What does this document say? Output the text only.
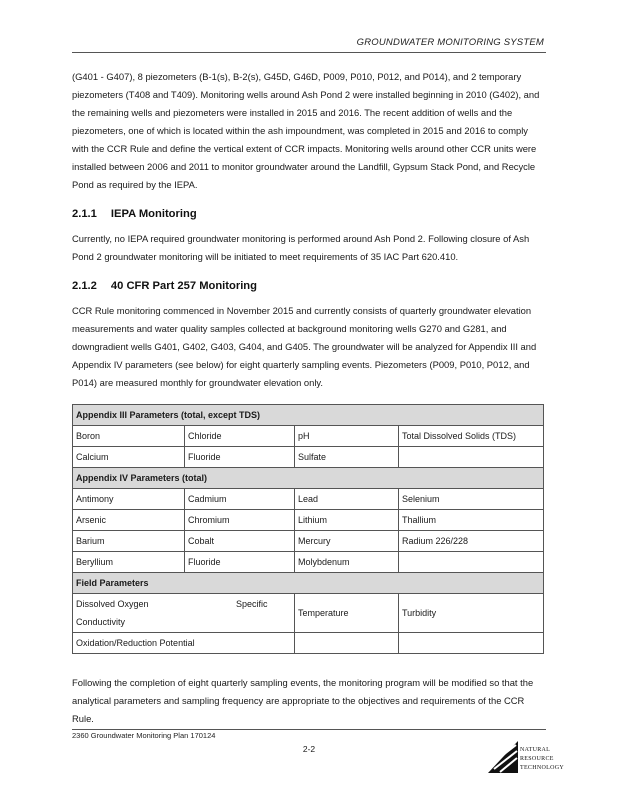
GROUNDWATER MONITORING SYSTEM

(G401 - G407), 8 piezometers (B-1(s), B-2(s), G45D, G46D, P009, P010, P012, and P014), and 2 temporary piezometers (T408 and T409). Monitoring wells around Ash Pond 2 were installed beginning in 2010 (G402), and the remaining wells and piezometers were installed in 2015 and 2016. The recent addition of wells and the piezometers, one of which is located within the ash impoundment, was completed in 2015 and 2016 to comply with the CCR Rule and define the vertical extent of CCR impacts. Monitoring wells around other CCR units were installed between 2006 and 2011 to monitor groundwater around the Landfill, Gypsum Stack Pond, and Recycle Pond as required by the IEPA.

2.1.1 IEPA Monitoring

Currently, no IEPA required groundwater monitoring is performed around Ash Pond 2. Following closure of Ash Pond 2 groundwater monitoring will be initiated to meet requirements of 35 IAC Part 620.410.

2.1.2 40 CFR Part 257 Monitoring

CCR Rule monitoring commenced in November 2015 and currently consists of quarterly groundwater elevation measurements and water quality samples collected at background monitoring wells G270 and G281, and downgradient wells G401, G402, G403, G404, and G405. The groundwater will be analyzed for Appendix III and Appendix IV parameters (see below) for eight quarterly sampling events. Piezometers (P009, P010, P012, and P014) are measured monthly for groundwater elevation only.

Appendix III Parameters (total, except TDS)			
Boron	Chloride	pH	Total Dissolved Solids (TDS)
Calcium	Fluoride	Sulfate	
Appendix IV Parameters (total)			
Antimony	Cadmium	Lead	Selenium
Arsenic	Chromium	Lithium	Thallium
Barium	Cobalt	Mercury	Radium 226/228
Beryllium	Fluoride	Molybdenum	
Field Parameters			
Dissolved Oxygen Specific Conductivity		Temperature	Turbidity
Oxidation/Reduction Potential			

Following the completion of eight quarterly sampling events, the monitoring program will be modified so that the analytical parameters and sampling frequency are appropriate to the objectives and requirements of the CCR Rule.

2360 Groundwater Monitoring Plan 170124
2-2	NATURAL
RESOURCE
TECHNOLOGY
